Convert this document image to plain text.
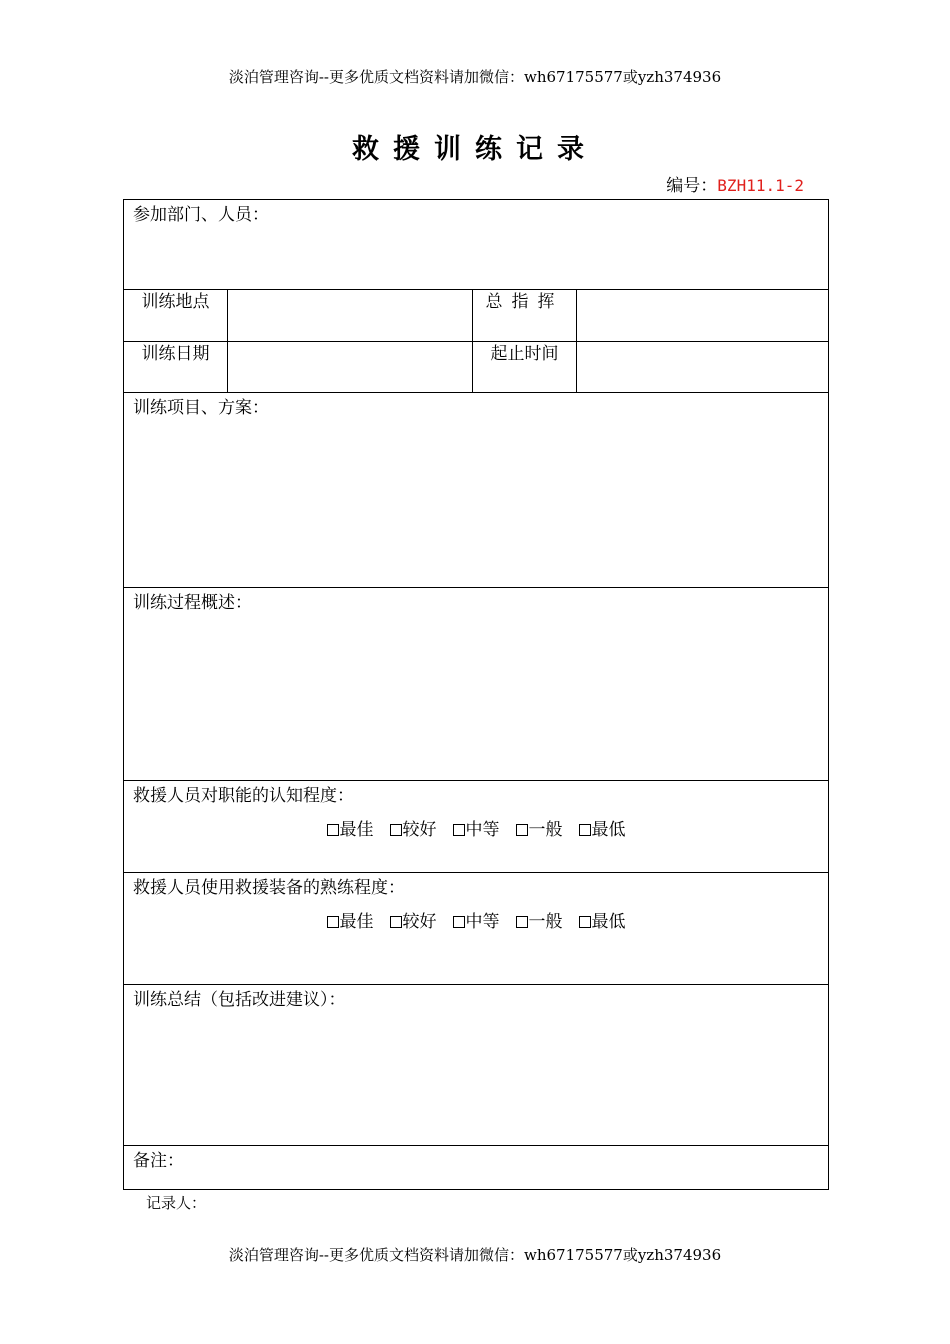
淡泊管理咨询--更多优质文档资料请加微信：wh67175577或yzh374936
救援训练记录
编号：BZH11.1-2
参加部门、人员：			

训练地点		总指挥	
训练日期		起止时间	

训练项目、方案：			

训练过程概述：			

救援人员对职能的认知程度：
最佳 较好 中等 一般 最低			

救援人员使用救援装备的熟练程度：
最佳 较好 中等 一般 最低			

训练总结（包括改进建议）：			

备注：			
记录人：
淡泊管理咨询--更多优质文档资料请加微信：wh67175577或yzh374936
